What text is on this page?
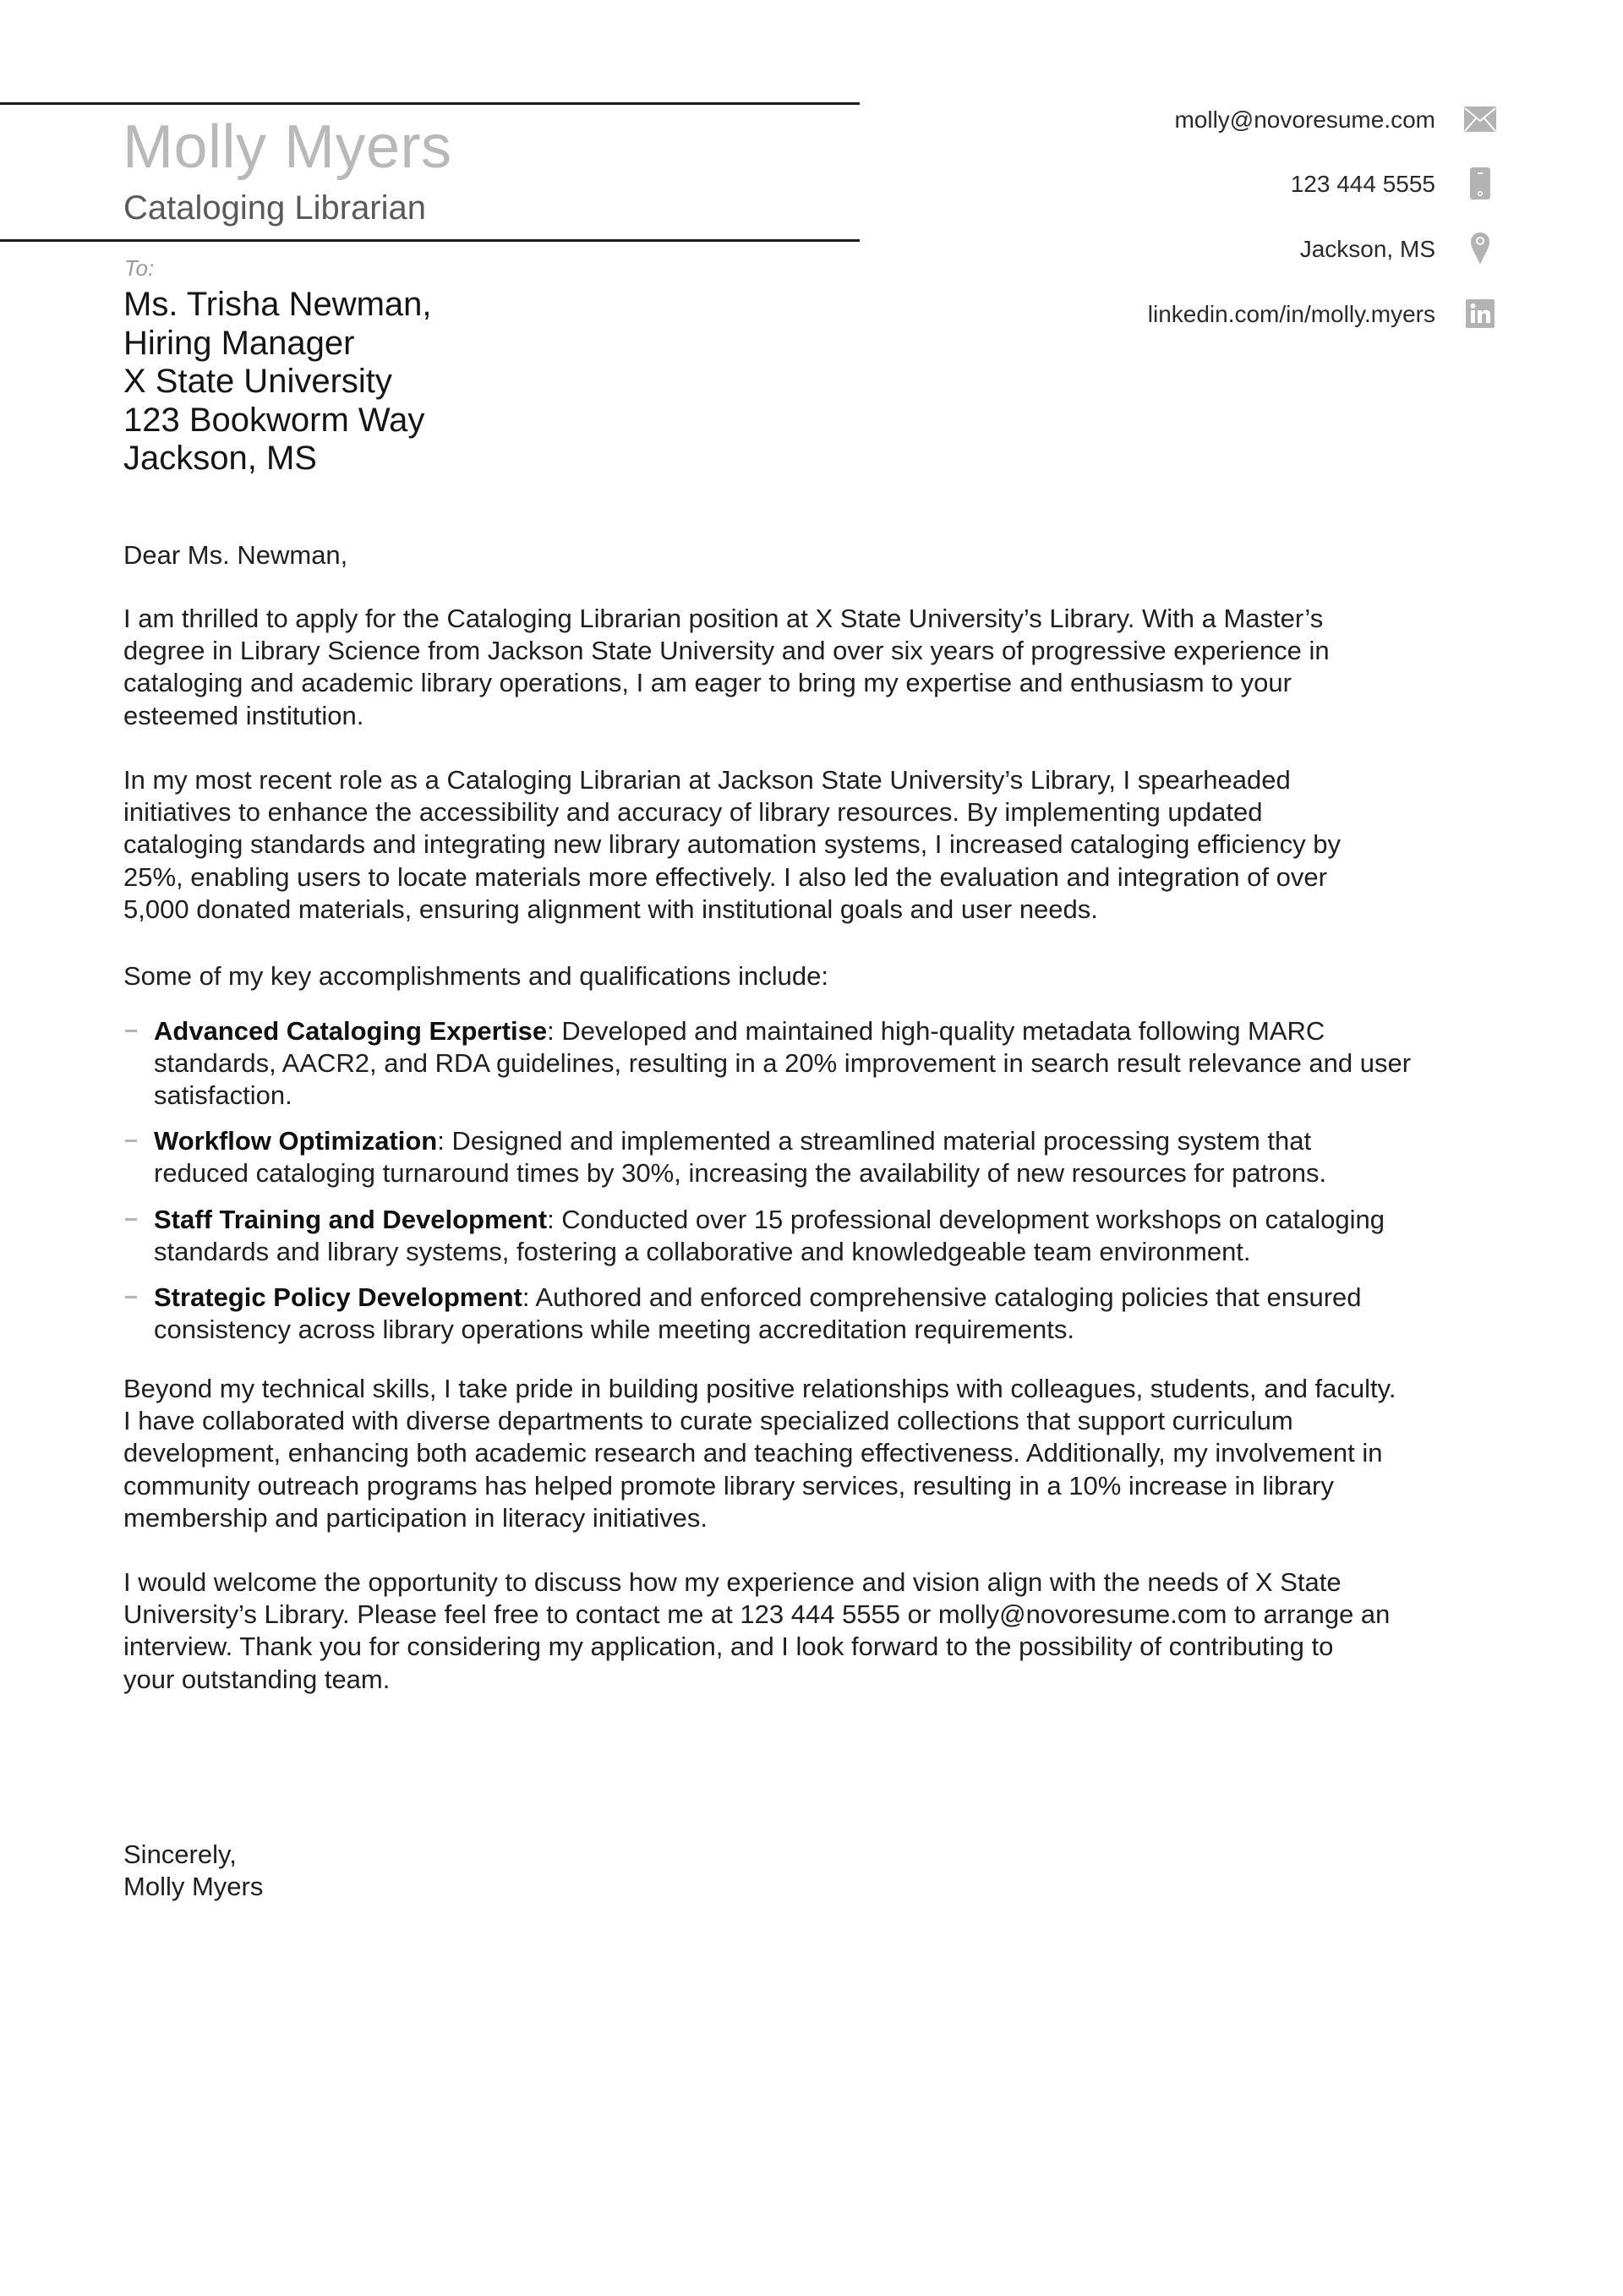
Molly Myers
Cataloging Librarian
molly@novoresume.com
123 444 5555
Jackson, MS
linkedin.com/in/molly.myers
To:
Ms. Trisha Newman,
Hiring Manager
X State University
123 Bookworm Way
Jackson, MS
Dear Ms. Newman,
I am thrilled to apply for the Cataloging Librarian position at X State University’s Library. With a Master’s
degree in Library Science from Jackson State University and over six years of progressive experience in
cataloging and academic library operations, I am eager to bring my expertise and enthusiasm to your
esteemed institution.
In my most recent role as a Cataloging Librarian at Jackson State University’s Library, I spearheaded
initiatives to enhance the accessibility and accuracy of library resources. By implementing updated
cataloging standards and integrating new library automation systems, I increased cataloging efficiency by
25%, enabling users to locate materials more effectively. I also led the evaluation and integration of over
5,000 donated materials, ensuring alignment with institutional goals and user needs.
Some of my key accomplishments and qualifications include:
Advanced Cataloging Expertise: Developed and maintained high-quality metadata following MARC
standards, AACR2, and RDA guidelines, resulting in a 20% improvement in search result relevance and user
satisfaction.
Workflow Optimization: Designed and implemented a streamlined material processing system that
reduced cataloging turnaround times by 30%, increasing the availability of new resources for patrons.
Staff Training and Development: Conducted over 15 professional development workshops on cataloging
standards and library systems, fostering a collaborative and knowledgeable team environment.
Strategic Policy Development: Authored and enforced comprehensive cataloging policies that ensured
consistency across library operations while meeting accreditation requirements.
Beyond my technical skills, I take pride in building positive relationships with colleagues, students, and faculty.
I have collaborated with diverse departments to curate specialized collections that support curriculum
development, enhancing both academic research and teaching effectiveness. Additionally, my involvement in
community outreach programs has helped promote library services, resulting in a 10% increase in library
membership and participation in literacy initiatives.
I would welcome the opportunity to discuss how my experience and vision align with the needs of X State
University’s Library. Please feel free to contact me at 123 444 5555 or molly@novoresume.com to arrange an
interview. Thank you for considering my application, and I look forward to the possibility of contributing to
your outstanding team.
Sincerely,
Molly Myers
